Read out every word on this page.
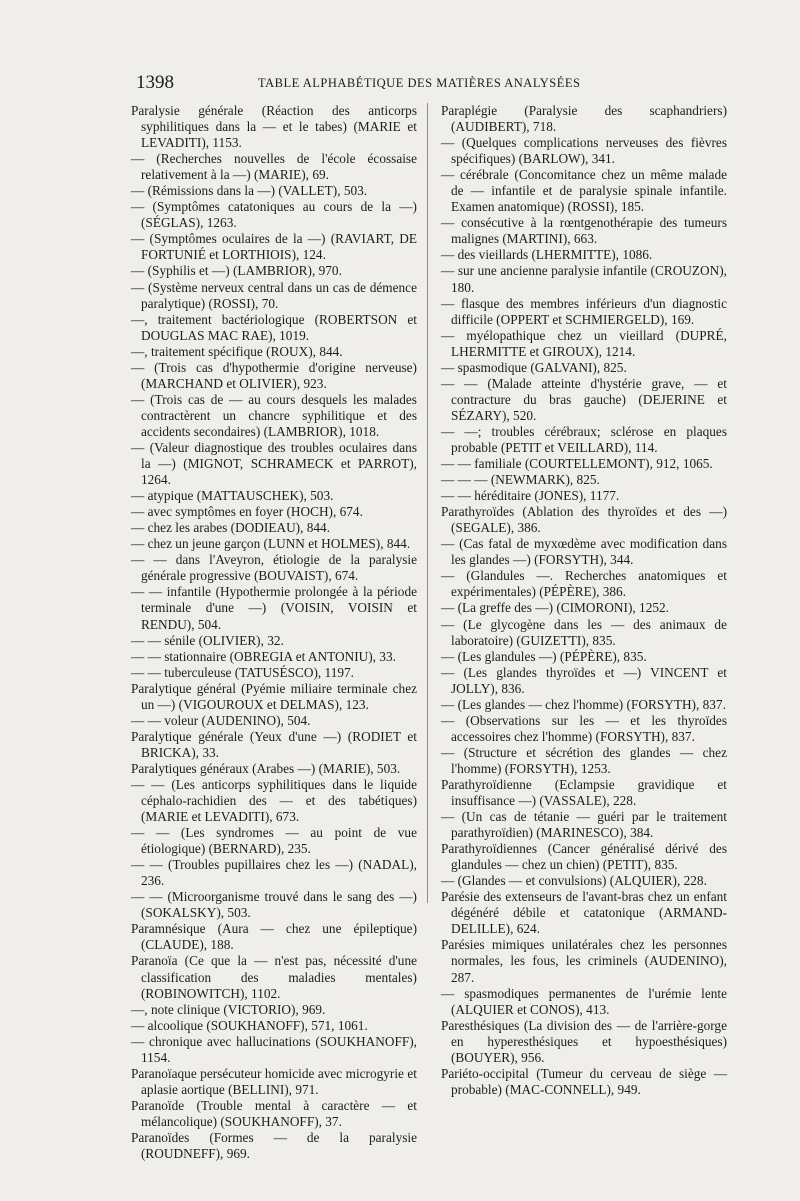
1398	TABLE ALPHABÉTIQUE DES MATIÈRES ANALYSÉES
Paralysie générale (Réaction des anticorps syphilitiques dans la — et le tabes) (MARIE et LEVADITI), 1153.
— (Recherches nouvelles de l'école écossaise relativement à la —) (MARIE), 69.
— (Rémissions dans la —) (VALLET), 503.
— (Symptômes catatoniques au cours de la —) (SÉGLAS), 1263.
— (Symptômes oculaires de la —) (RAVIART, DE FORTUNIÉ et LORTHIOIS), 124.
— (Syphilis et —) (LAMBRIOR), 970.
— (Système nerveux central dans un cas de démence paralytique) (ROSSI), 70.
—, traitement bactériologique (ROBERTSON et DOUGLAS MAC RAE), 1019.
—, traitement spécifique (ROUX), 844.
— (Trois cas d'hypothermie d'origine nerveuse) (MARCHAND et OLIVIER), 923.
— (Trois cas de — au cours desquels les malades contractèrent un chancre syphilitique et des accidents secondaires) (LAMBRIOR), 1018.
— (Valeur diagnostique des troubles oculaires dans la —) (MIGNOT, SCHRAMECK et PARROT), 1264.
— atypique (MATTAUSCHEK), 503.
— avec symptômes en foyer (HOCH), 674.
— chez les arabes (DODIEAU), 844.
— chez un jeune garçon (LUNN et HOLMES), 844.
— — dans l'Aveyron, étiologie de la paralysie générale progressive (BOUVAIST), 674.
— — infantile (Hypothermie prolongée à la période terminale d'une —) (VOISIN, VOISIN et RENDU), 504.
— — sénile (OLIVIER), 32.
— — stationnaire (OBREGIA et ANTONIU), 33.
— — tuberculeuse (TATUSÉSCO), 1197.
Paralytique général (Pyémie miliaire terminale chez un —) (VIGOUROUX et DELMAS), 123.
— — voleur (AUDENINO), 504.
Paralytique générale (Yeux d'une —) (RODIET et BRICKA), 33.
Paralytiques généraux (Arabes —) (MARIE), 503.
— — (Les anticorps syphilitiques dans le liquide céphalo-rachidien des — et des tabétiques) (MARIE et LEVADITI), 673.
— — (Les syndromes — au point de vue étiologique) (BERNARD), 235.
— — (Troubles pupillaires chez les —) (NADAL), 236.
— — (Microorganisme trouvé dans le sang des —) (SOKALSKY), 503.
Paramnésique (Aura — chez une épileptique) (CLAUDE), 188.
Paranoïa (Ce que la — n'est pas, nécessité d'une classification des maladies mentales) (ROBINOWITCH), 1102.
—, note clinique (VICTORIO), 969.
— alcoolique (SOUKHANOFF), 571, 1061.
— chronique avec hallucinations (SOUKHANOFF), 1154.
Paranoïaque persécuteur homicide avec microgyrie et aplasie aortique (BELLINI), 971.
Paranoïde (Trouble mental à caractère — et mélancolique) (SOUKHANOFF), 37.
Paranoïdes (Formes — de la paralysie (ROUDNEFF), 969.
Paraplégie (Paralysie des scaphandriers) (AUDIBERT), 718.
— (Quelques complications nerveuses des fièvres spécifiques) (BARLOW), 341.
— cérébrale (Concomitance chez un même malade de — infantile et de paralysie spinale infantile. Examen anatomique) (ROSSI), 185.
— consécutive à la rœntgenothérapie des tumeurs malignes (MARTINI), 663.
— des vieillards (LHERMITTE), 1086.
— sur une ancienne paralysie infantile (CROUZON), 180.
— flasque des membres inférieurs d'un diagnostic difficile (OPPERT et SCHMIERGELD), 169.
— myélopathique chez un vieillard (DUPRÉ, LHERMITTE et GIROUX), 1214.
— spasmodique (GALVANI), 825.
— — (Malade atteinte d'hystérie grave, — et contracture du bras gauche) (DEJERINE et SÉZARY), 520.
— —; troubles cérébraux; sclérose en plaques probable (PETIT et VEILLARD), 114.
— — familiale (COURTELLEMONT), 912, 1065.
— — — (NEWMARK), 825.
— — héréditaire (JONES), 1177.
Parathyroïdes (Ablation des thyroïdes et des —) (SEGALE), 386.
— (Cas fatal de myxœdème avec modification dans les glandes —) (FORSYTH), 344.
— (Glandules —. Recherches anatomiques et expérimentales) (PÉPÈRE), 386.
— (La greffe des —) (CIMORONI), 1252.
— (Le glycogène dans les — des animaux de laboratoire) (GUIZETTI), 835.
— (Les glandules —) (PÉPÈRE), 835.
— (Les glandes thyroïdes et —) VINCENT et JOLLY), 836.
— (Les glandes — chez l'homme) (FORSYTH), 837.
— (Observations sur les — et les thyroïdes accessoires chez l'homme) (FORSYTH), 837.
— (Structure et sécrétion des glandes — chez l'homme) (FORSYTH), 1253.
Parathyroïdienne (Eclampsie gravidique et insuffisance —) (VASSALE), 228.
— (Un cas de tétanie — guéri par le traitement parathyroïdien) (MARINESCO), 384.
Parathyroïdiennes (Cancer généralisé dérivé des glandules — chez un chien) (PETIT), 835.
— (Glandes — et convulsions) (ALQUIER), 228.
Parésie des extenseurs de l'avant-bras chez un enfant dégénéré débile et catatonique (ARMAND-DELILLE), 624.
Parésies mimiques unilatérales chez les personnes normales, les fous, les criminels (AUDENINO), 287.
— spasmodiques permanentes de l'urémie lente (ALQUIER et CONOS), 413.
Paresthésiques (La division des — de l'arrière-gorge en hyperesthésiques et hypoesthésiques) (BOUYER), 956.
Pariéto-occipital (Tumeur du cerveau de siège — probable) (MAC-CONNELL), 949.
